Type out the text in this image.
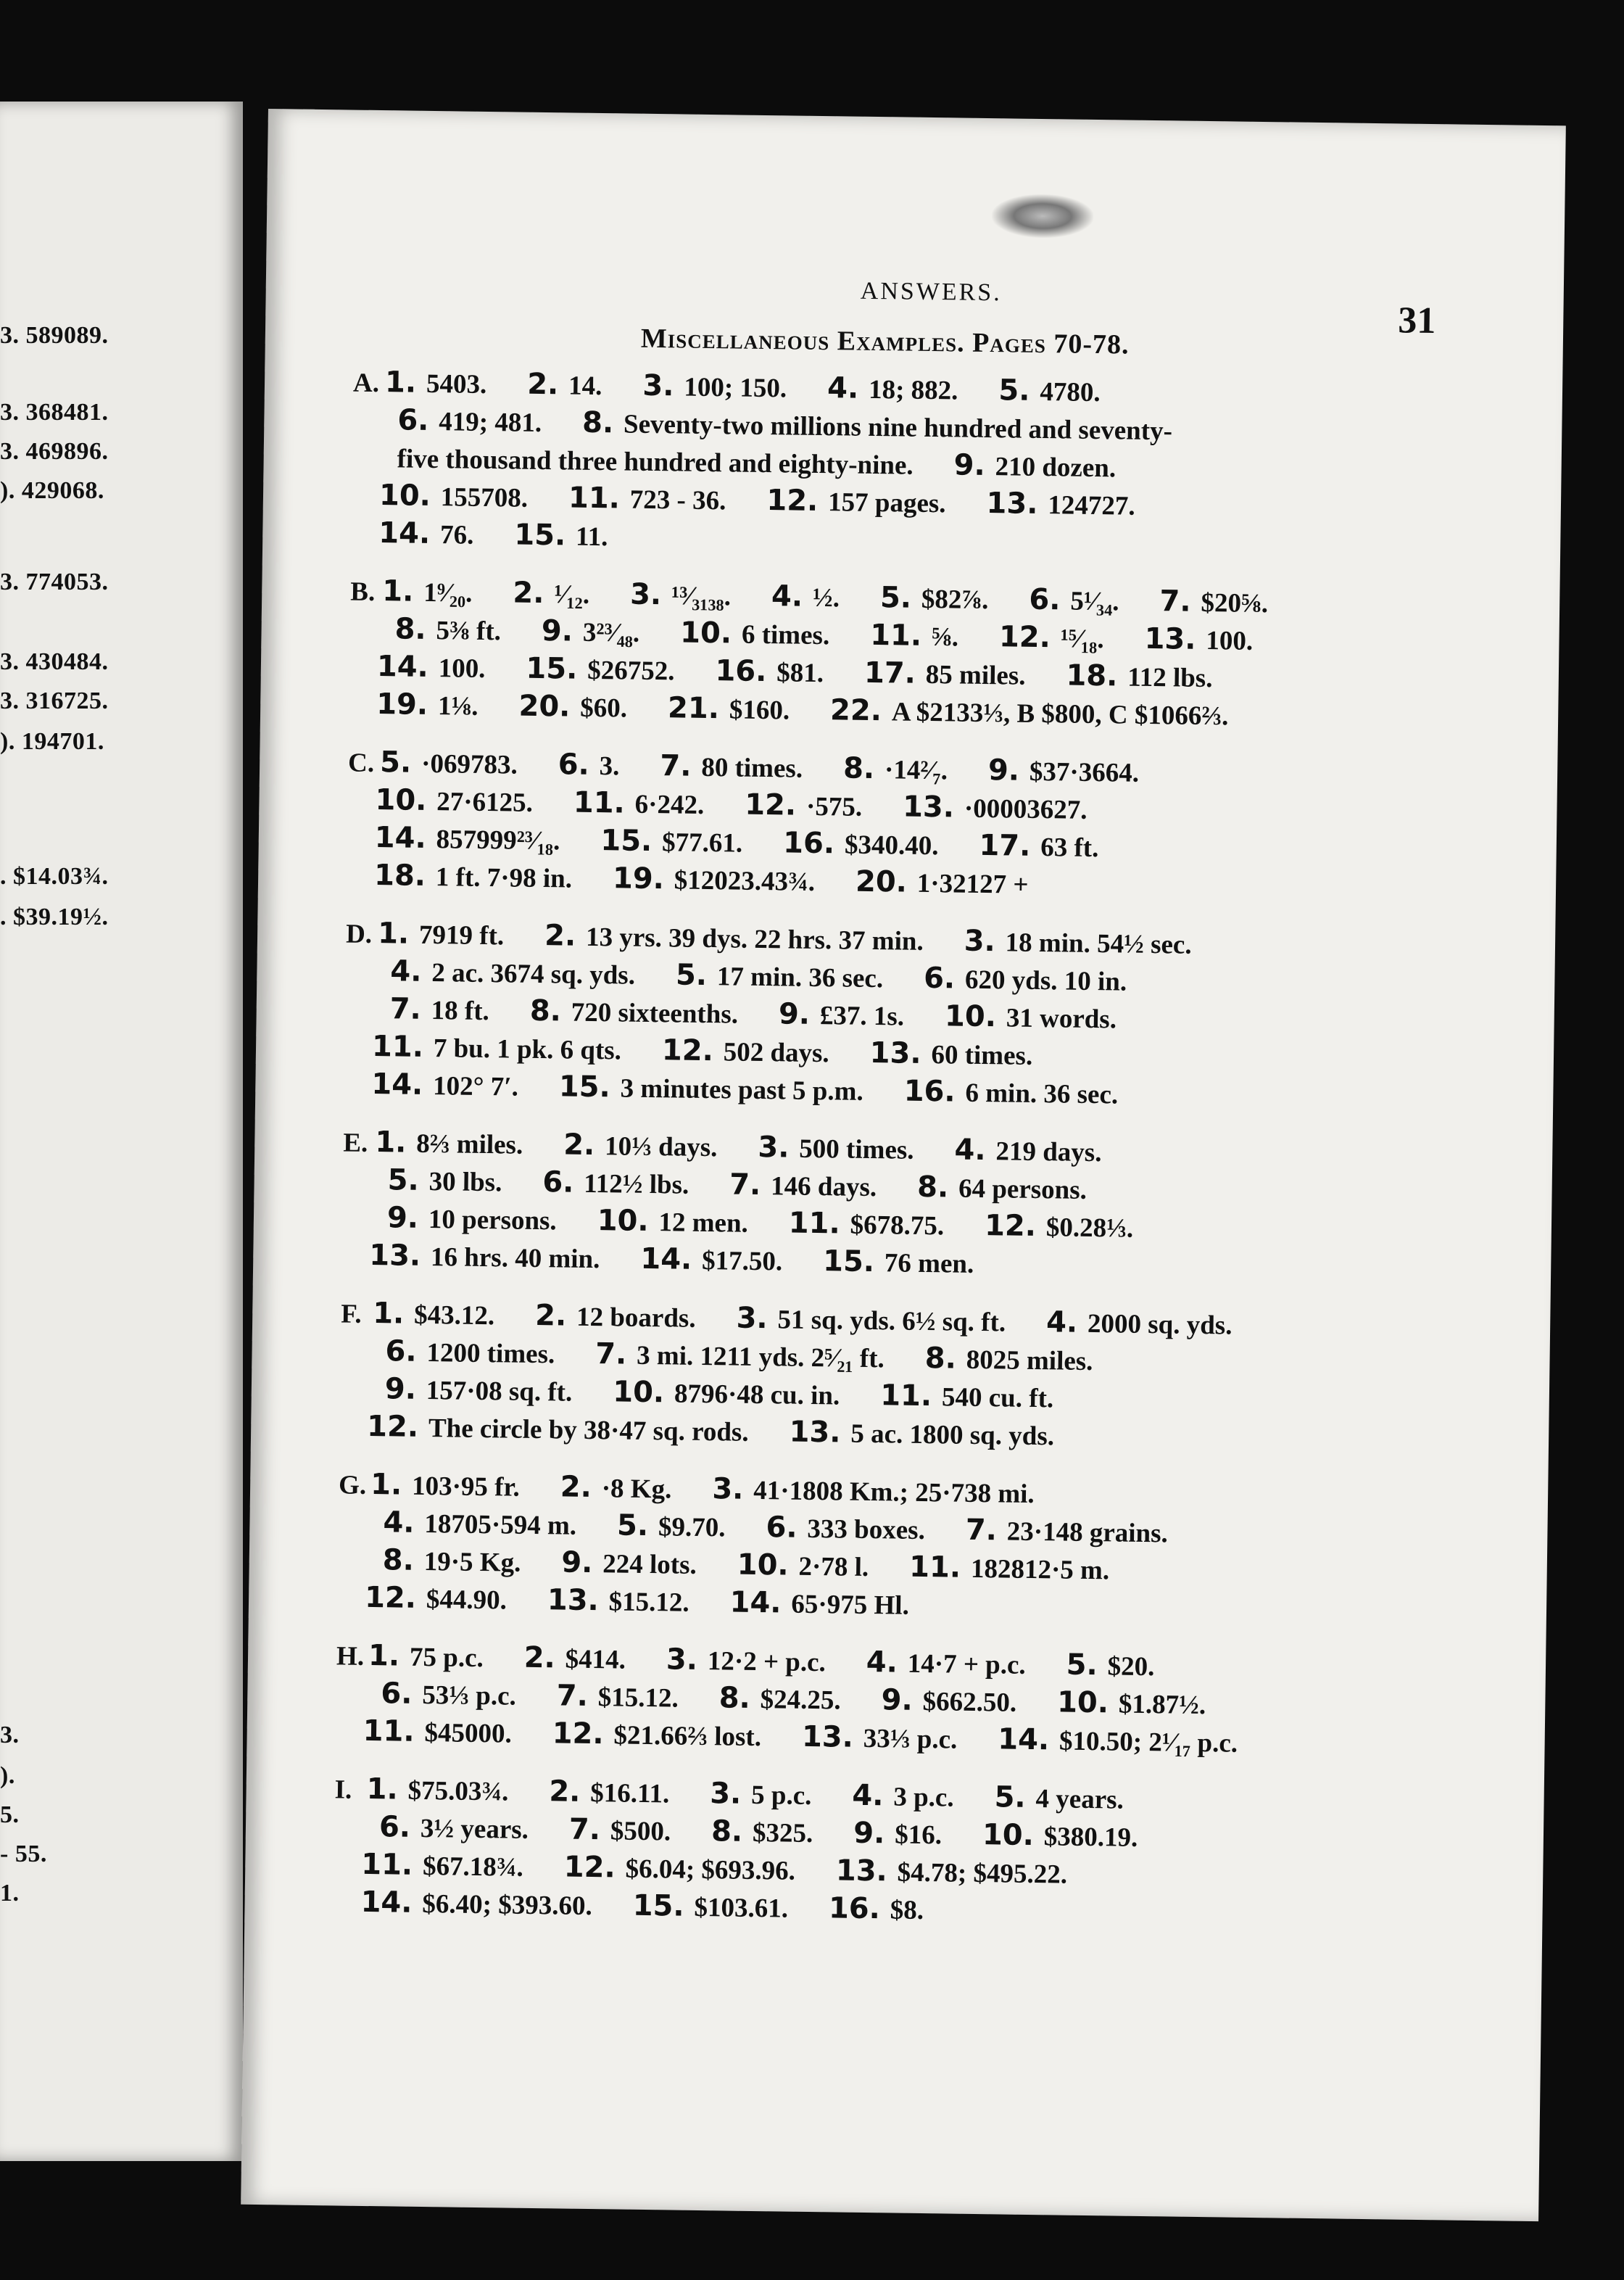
3. 589089.
3. 368481.
3. 469896.
). 429068.
3. 774053.
3. 430484.
3. 316725.
). 194701.
. $14.03¾.
. $39.19½.
3.
).
5.
- 55.
1.
ANSWERS.
31
Miscellaneous Examples. Pages 70-78.
A. 1. 5403. 2. 14. 3. 100; 150. 4. 18; 882. 5. 4780.
6. 419; 481. 8. Seventy-two millions nine hundred and seventy-
five thousand three hundred and eighty-nine. 9. 210 dozen.
10. 155708. 11. 723 - 36. 12. 157 pages. 13. 124727.
14. 76. 15. 11.
B. 1. 1⁹⁄₂₀. 2. ¹⁄₁₂. 3. ¹³⁄₃₁₃₈. 4. ½. 5. $82⅞. 6. 5¹⁄₃₄. 7. $20⅝.
8. 5⅜ ft. 9. 3²³⁄₄₈. 10. 6 times. 11. ⅝. 12. ¹⁵⁄₁₈. 13. 100.
14. 100. 15. $26752. 16. $81. 17. 85 miles. 18. 112 lbs.
19. 1⅛. 20. $60. 21. $160. 22. A $2133⅓, B $800, C $1066⅔.
C. 5. ·069783. 6. 3. 7. 80 times. 8. ·14²⁄₇. 9. $37·3664.
10. 27·6125. 11. 6·242. 12. ·575. 13. ·00003627.
14. 857999²³⁄₁₈. 15. $77.61. 16. $340.40. 17. 63 ft.
18. 1 ft. 7·98 in. 19. $12023.43¾. 20. 1·32127 +
D. 1. 7919 ft. 2. 13 yrs. 39 dys. 22 hrs. 37 min. 3. 18 min. 54½ sec.
4. 2 ac. 3674 sq. yds. 5. 17 min. 36 sec. 6. 620 yds. 10 in.
7. 18 ft. 8. 720 sixteenths. 9. £37. 1s. 10. 31 words.
11. 7 bu. 1 pk. 6 qts. 12. 502 days. 13. 60 times.
14. 102° 7′. 15. 3 minutes past 5 p.m. 16. 6 min. 36 sec.
E. 1. 8⅔ miles. 2. 10⅓ days. 3. 500 times. 4. 219 days.
5. 30 lbs. 6. 112½ lbs. 7. 146 days. 8. 64 persons.
9. 10 persons. 10. 12 men. 11. $678.75. 12. $0.28⅓.
13. 16 hrs. 40 min. 14. $17.50. 15. 76 men.
F. 1. $43.12. 2. 12 boards. 3. 51 sq. yds. 6½ sq. ft. 4. 2000 sq. yds.
6. 1200 times. 7. 3 mi. 1211 yds. 2⁵⁄₂₁ ft. 8. 8025 miles.
9. 157·08 sq. ft. 10. 8796·48 cu. in. 11. 540 cu. ft.
12. The circle by 38·47 sq. rods. 13. 5 ac. 1800 sq. yds.
G. 1. 103·95 fr. 2. ·8 Kg. 3. 41·1808 Km.; 25·738 mi.
4. 18705·594 m. 5. $9.70. 6. 333 boxes. 7. 23·148 grains.
8. 19·5 Kg. 9. 224 lots. 10. 2·78 l. 11. 182812·5 m.
12. $44.90. 13. $15.12. 14. 65·975 Hl.
H. 1. 75 p.c. 2. $414. 3. 12·2 + p.c. 4. 14·7 + p.c. 5. $20.
6. 53⅓ p.c. 7. $15.12. 8. $24.25. 9. $662.50. 10. $1.87½.
11. $45000. 12. $21.66⅔ lost. 13. 33⅓ p.c. 14. $10.50; 2¹⁄₁₇ p.c.
I. 1. $75.03¾. 2. $16.11. 3. 5 p.c. 4. 3 p.c. 5. 4 years.
6. 3½ years. 7. $500. 8. $325. 9. $16. 10. $380.19.
11. $67.18¾. 12. $6.04; $693.96. 13. $4.78; $495.22.
14. $6.40; $393.60. 15. $103.61. 16. $8.
